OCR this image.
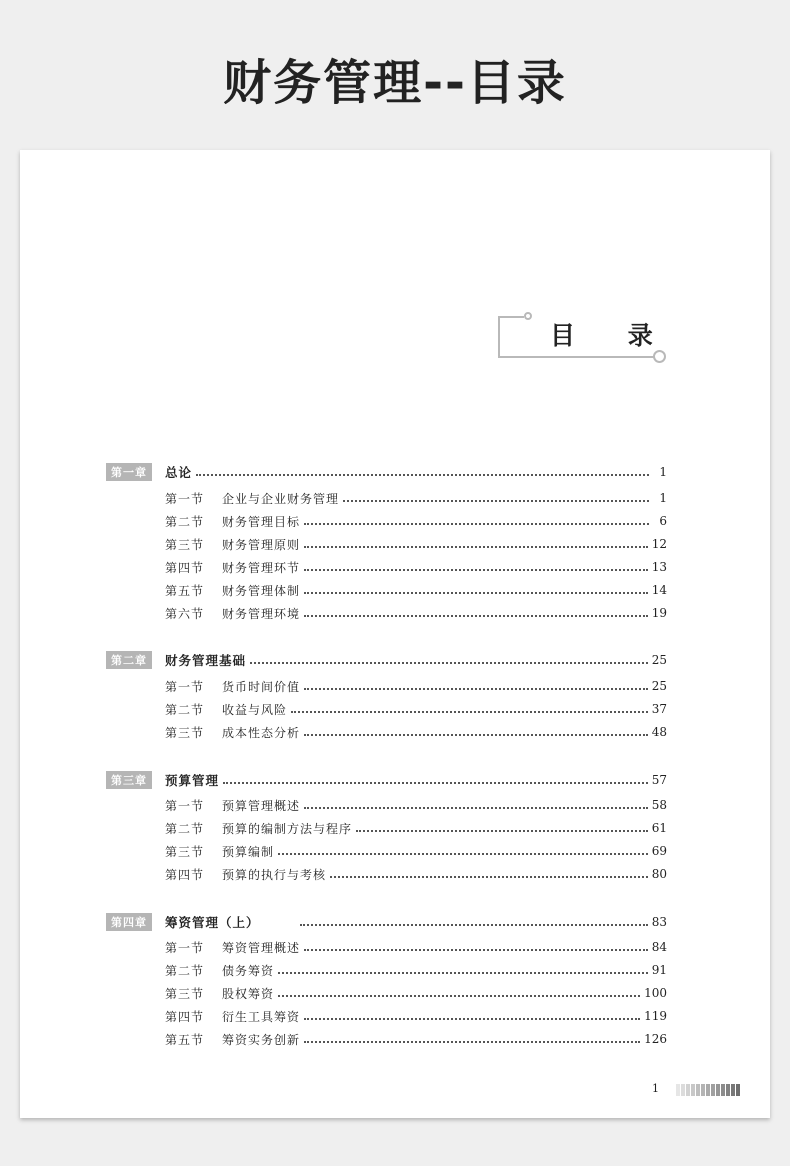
财务管理--目录
目 录
第一章	总论	1
第一节	企业与企业财务管理	1
第二节	财务管理目标	6
第三节	财务管理原则	12
第四节	财务管理环节	13
第五节	财务管理体制	14
第六节	财务管理环境	19
第二章	财务管理基础	25
第一节	货币时间价值	25
第二节	收益与风险	37
第三节	成本性态分析	48
第三章	预算管理	57
第一节	预算管理概述	58
第二节	预算的编制方法与程序	61
第三节	预算编制	69
第四节	预算的执行与考核	80
第四章	筹资管理（上）	83
第一节	筹资管理概述	84
第二节	债务筹资	91
第三节	股权筹资	100
第四节	衍生工具筹资	119
第五节	筹资实务创新	126
1
